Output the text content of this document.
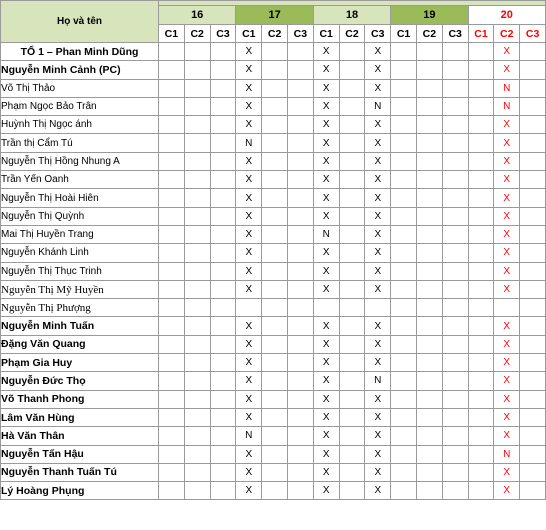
Họ và tên															
	16			17			18			19			20		
	C1	C2	C3	C1	C2	C3	C1	C2	C3	C1	C2	C3	C1	C2	C3
TỔ 1 – Phan Minh Dũng				X			X		X					X	
Nguyễn Minh Cảnh (PC)				X			X		X					X	
Võ Thị Thảo				X			X		X					N	
Phạm Ngọc Bảo Trân				X			X		N					N	
Huỳnh Thị Ngọc ánh				X			X		X					X	
Trần thị Cẩm Tú				N			X		X					X	
Nguyễn Thị Hồng Nhung A				X			X		X					X	
Trần Yến Oanh				X			X		X					X	
Nguyễn Thị Hoài Hiên				X			X		X					X	
Nguyễn Thị Quỳnh				X			X		X					X	
Mai Thị Huyền Trang				X			N		X					X	
Nguyễn Khánh Linh				X			X		X					X	
Nguyễn Thị Thục Trinh				X			X		X					X	
Nguyễn Thị Mỹ Huyền				X			X		X					X	
Nguyễn Thị Phượng															
Nguyễn Minh Tuấn				X			X		X					X	
Đặng Văn Quang				X			X		X					X	
Phạm Gia Huy				X			X		X					X	
Nguyễn Đức Thọ				X			X		N					X	
Võ Thanh Phong				X			X		X					X	
Lâm Văn Hùng				X			X		X					X	
Hà Văn Thân				N			X		X					X	
Nguyễn Tấn Hậu				X			X		X					N	
Nguyễn Thanh Tuấn Tú				X			X		X					X	
Lý Hoàng Phụng				X			X		X					X	
